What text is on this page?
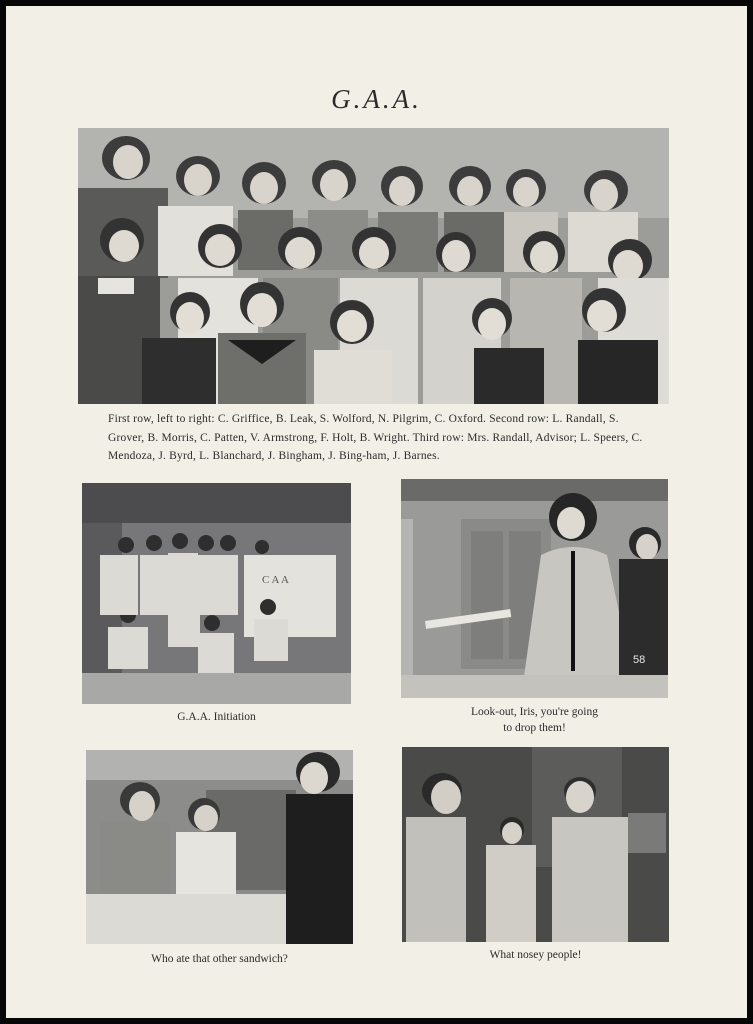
G.A.A.
First row, left to right: C. Griffice, B. Leak, S. Wolford, N. Pilgrim, C. Oxford. Second row: L. Randall, S. Grover, B. Morris, C. Patten, V. Armstrong, F. Holt, B. Wright. Third row: Mrs. Randall, Advisor; L. Speers, C. Mendoza, J. Byrd, L. Blanchard, J. Bingham, J. Bing-ham, J. Barnes.
C A A
G.A.A. Initiation
58
Look-out, Iris, you're going
to drop them!
Who ate that other sandwich?	What nosey people!
